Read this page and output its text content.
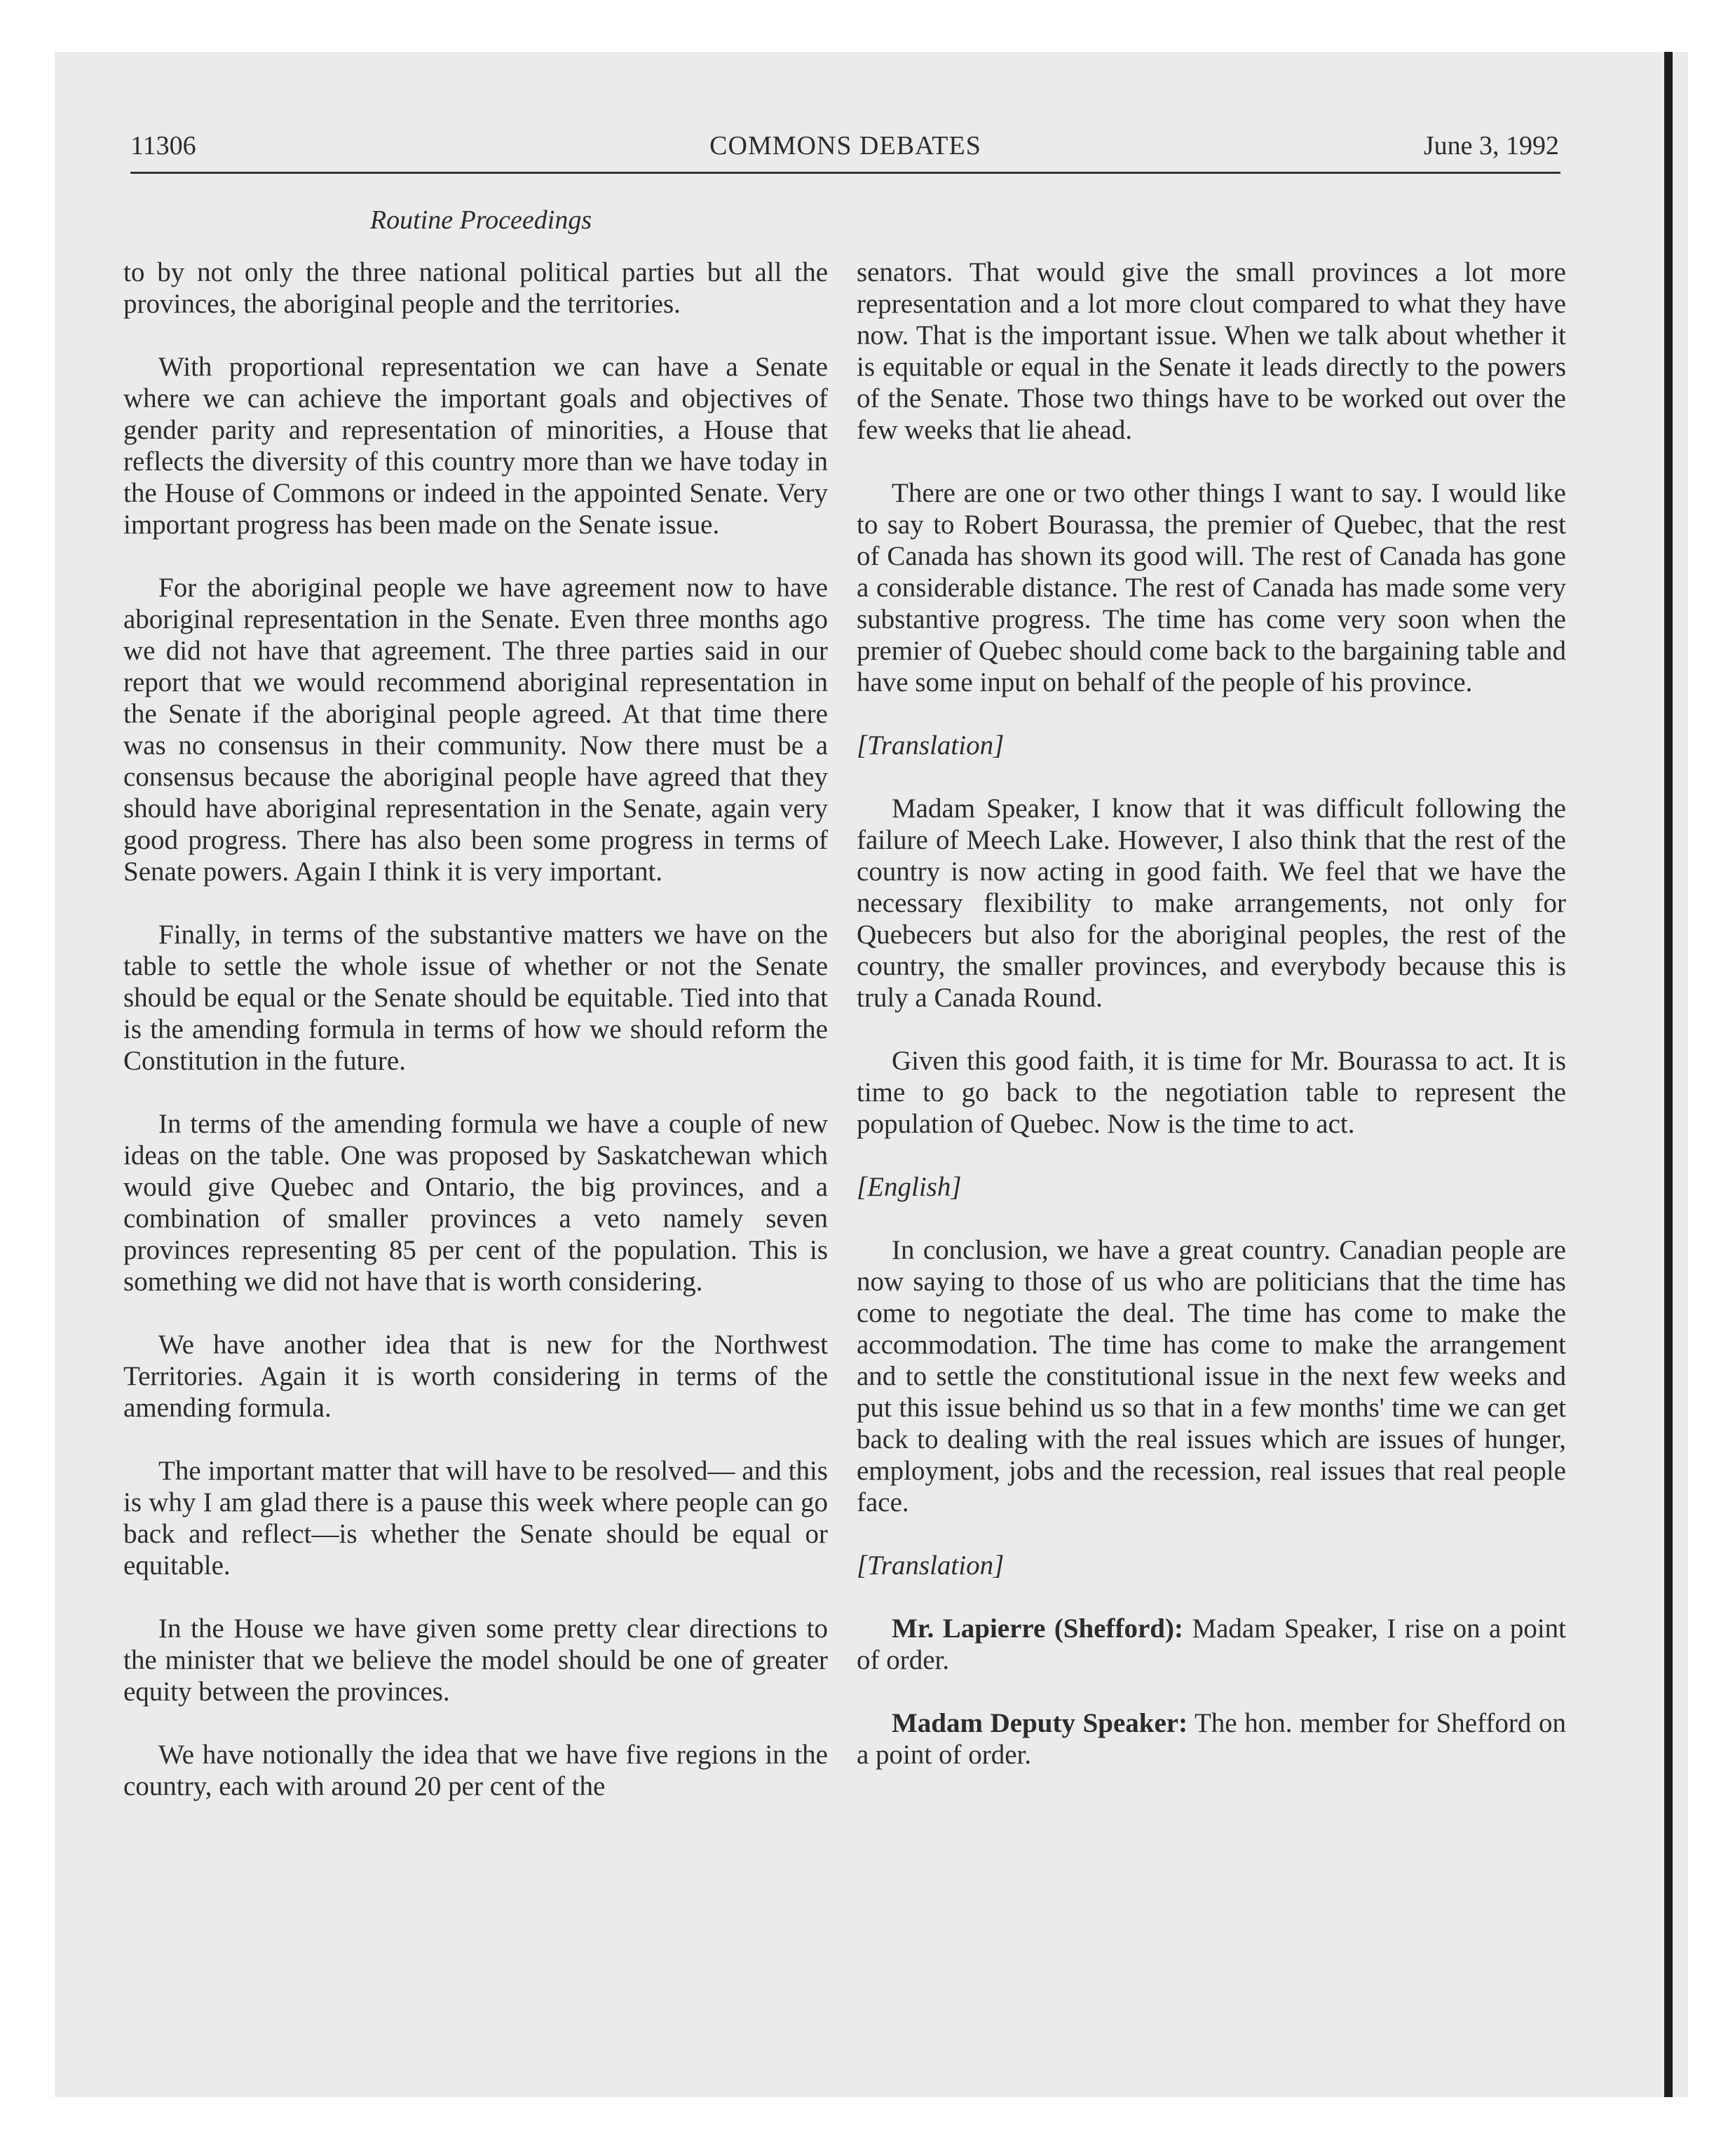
11306	COMMONS DEBATES	June 3, 1992
Routine Proceedings

to by not only the three national political parties but all the provinces, the aboriginal people and the territories.

With proportional representation we can have a Senate where we can achieve the important goals and objectives of gender parity and representation of minorities, a House that reflects the diversity of this country more than we have today in the House of Commons or indeed in the appointed Senate. Very important progress has been made on the Senate issue.

For the aboriginal people we have agreement now to have aboriginal representation in the Senate. Even three months ago we did not have that agreement. The three parties said in our report that we would recommend aboriginal representation in the Senate if the aboriginal people agreed. At that time there was no consensus in their community. Now there must be a consensus because the aboriginal people have agreed that they should have aboriginal representation in the Senate, again very good progress. There has also been some progress in terms of Senate powers. Again I think it is very important.

Finally, in terms of the substantive matters we have on the table to settle the whole issue of whether or not the Senate should be equal or the Senate should be equitable. Tied into that is the amending formula in terms of how we should reform the Constitution in the future.

In terms of the amending formula we have a couple of new ideas on the table. One was proposed by Saskatchewan which would give Quebec and Ontario, the big provinces, and a combination of smaller provinces a veto namely seven provinces representing 85 per cent of the population. This is something we did not have that is worth considering.

We have another idea that is new for the Northwest Territories. Again it is worth considering in terms of the amending formula.

The important matter that will have to be resolved— and this is why I am glad there is a pause this week where people can go back and reflect—is whether the Senate should be equal or equitable.

In the House we have given some pretty clear directions to the minister that we believe the model should be one of greater equity between the provinces.

We have notionally the idea that we have five regions in the country, each with around 20 per cent of the

senators. That would give the small provinces a lot more representation and a lot more clout compared to what they have now. That is the important issue. When we talk about whether it is equitable or equal in the Senate it leads directly to the powers of the Senate. Those two things have to be worked out over the few weeks that lie ahead.

There are one or two other things I want to say. I would like to say to Robert Bourassa, the premier of Quebec, that the rest of Canada has shown its good will. The rest of Canada has gone a considerable distance. The rest of Canada has made some very substantive progress. The time has come very soon when the premier of Quebec should come back to the bargaining table and have some input on behalf of the people of his province.

[Translation]

Madam Speaker, I know that it was difficult following the failure of Meech Lake. However, I also think that the rest of the country is now acting in good faith. We feel that we have the necessary flexibility to make arrangements, not only for Quebecers but also for the aboriginal peoples, the rest of the country, the smaller provinces, and everybody because this is truly a Canada Round.

Given this good faith, it is time for Mr. Bourassa to act. It is time to go back to the negotiation table to represent the population of Quebec. Now is the time to act.

[English]

In conclusion, we have a great country. Canadian people are now saying to those of us who are politicians that the time has come to negotiate the deal. The time has come to make the accommodation. The time has come to make the arrangement and to settle the constitutional issue in the next few weeks and put this issue behind us so that in a few months' time we can get back to dealing with the real issues which are issues of hunger, employment, jobs and the recession, real issues that real people face.

[Translation]

Mr. Lapierre (Shefford): Madam Speaker, I rise on a point of order.

Madam Deputy Speaker: The hon. member for Shefford on a point of order.
